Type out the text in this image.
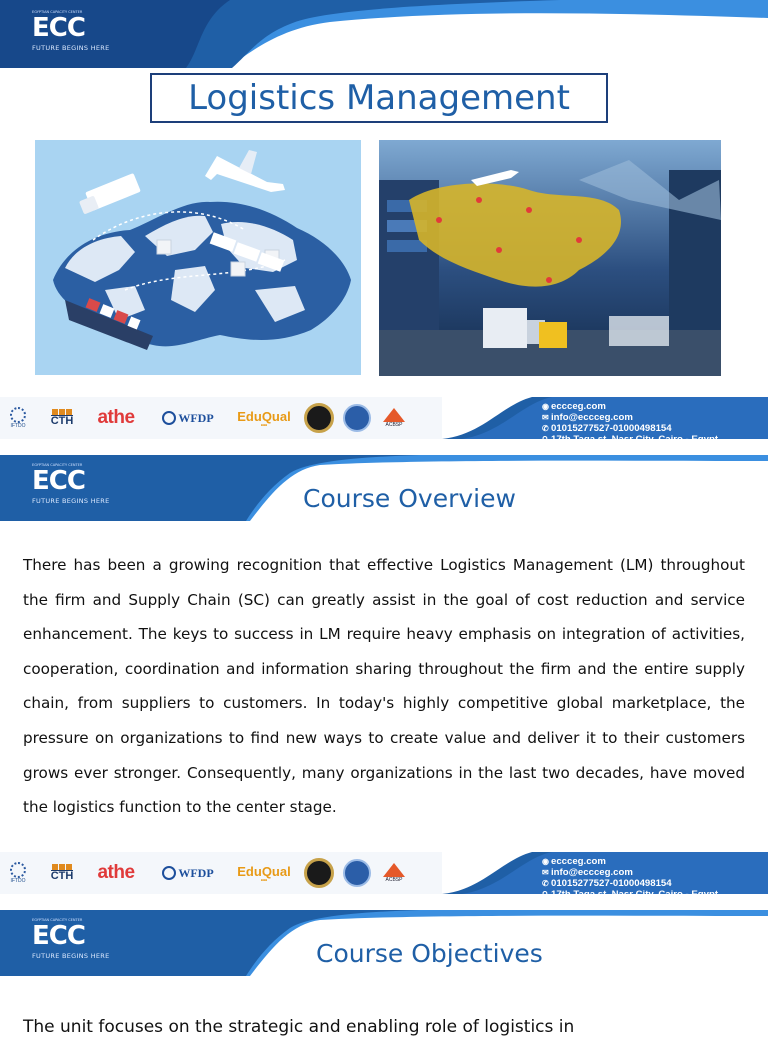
EGYPTIAN CAPACITY CENTER
ECC
FUTURE BEGINS HERE
Logistics Management
IFTDO CTH athe	WFDP EduQual
•••	ACBSP
◉ eccceg.com
✉ info@eccceg.com
✆ 01015277527-01000498154
⚲ 17th Taqa st. Nasr City, Cairo - Egypt
EGYPTIAN CAPACITY CENTER
ECC
FUTURE BEGINS HERE	Course Overview
There has been a growing recognition that effective Logistics Management (LM) throughout the firm and Supply Chain (SC) can greatly assist in the goal of cost reduction and service enhancement. The keys to success in LM require heavy emphasis on integration of activities, cooperation, coordination and information sharing throughout the firm and the entire supply chain, from suppliers to customers. In today's highly competitive global marketplace, the pressure on organizations to find new ways to create value and deliver it to their customers grows ever stronger. Consequently, many organizations in the last two decades, have moved the logistics function to the center stage.
IFTDO CTH athe	WFDP EduQual
•••	ACBSP
◉ eccceg.com
✉ info@eccceg.com
✆ 01015277527-01000498154
⚲ 17th Taqa st. Nasr City, Cairo - Egypt
EGYPTIAN CAPACITY CENTER
ECC
FUTURE BEGINS HERE	Course Objectives
The unit focuses on the strategic and enabling role of logistics in
